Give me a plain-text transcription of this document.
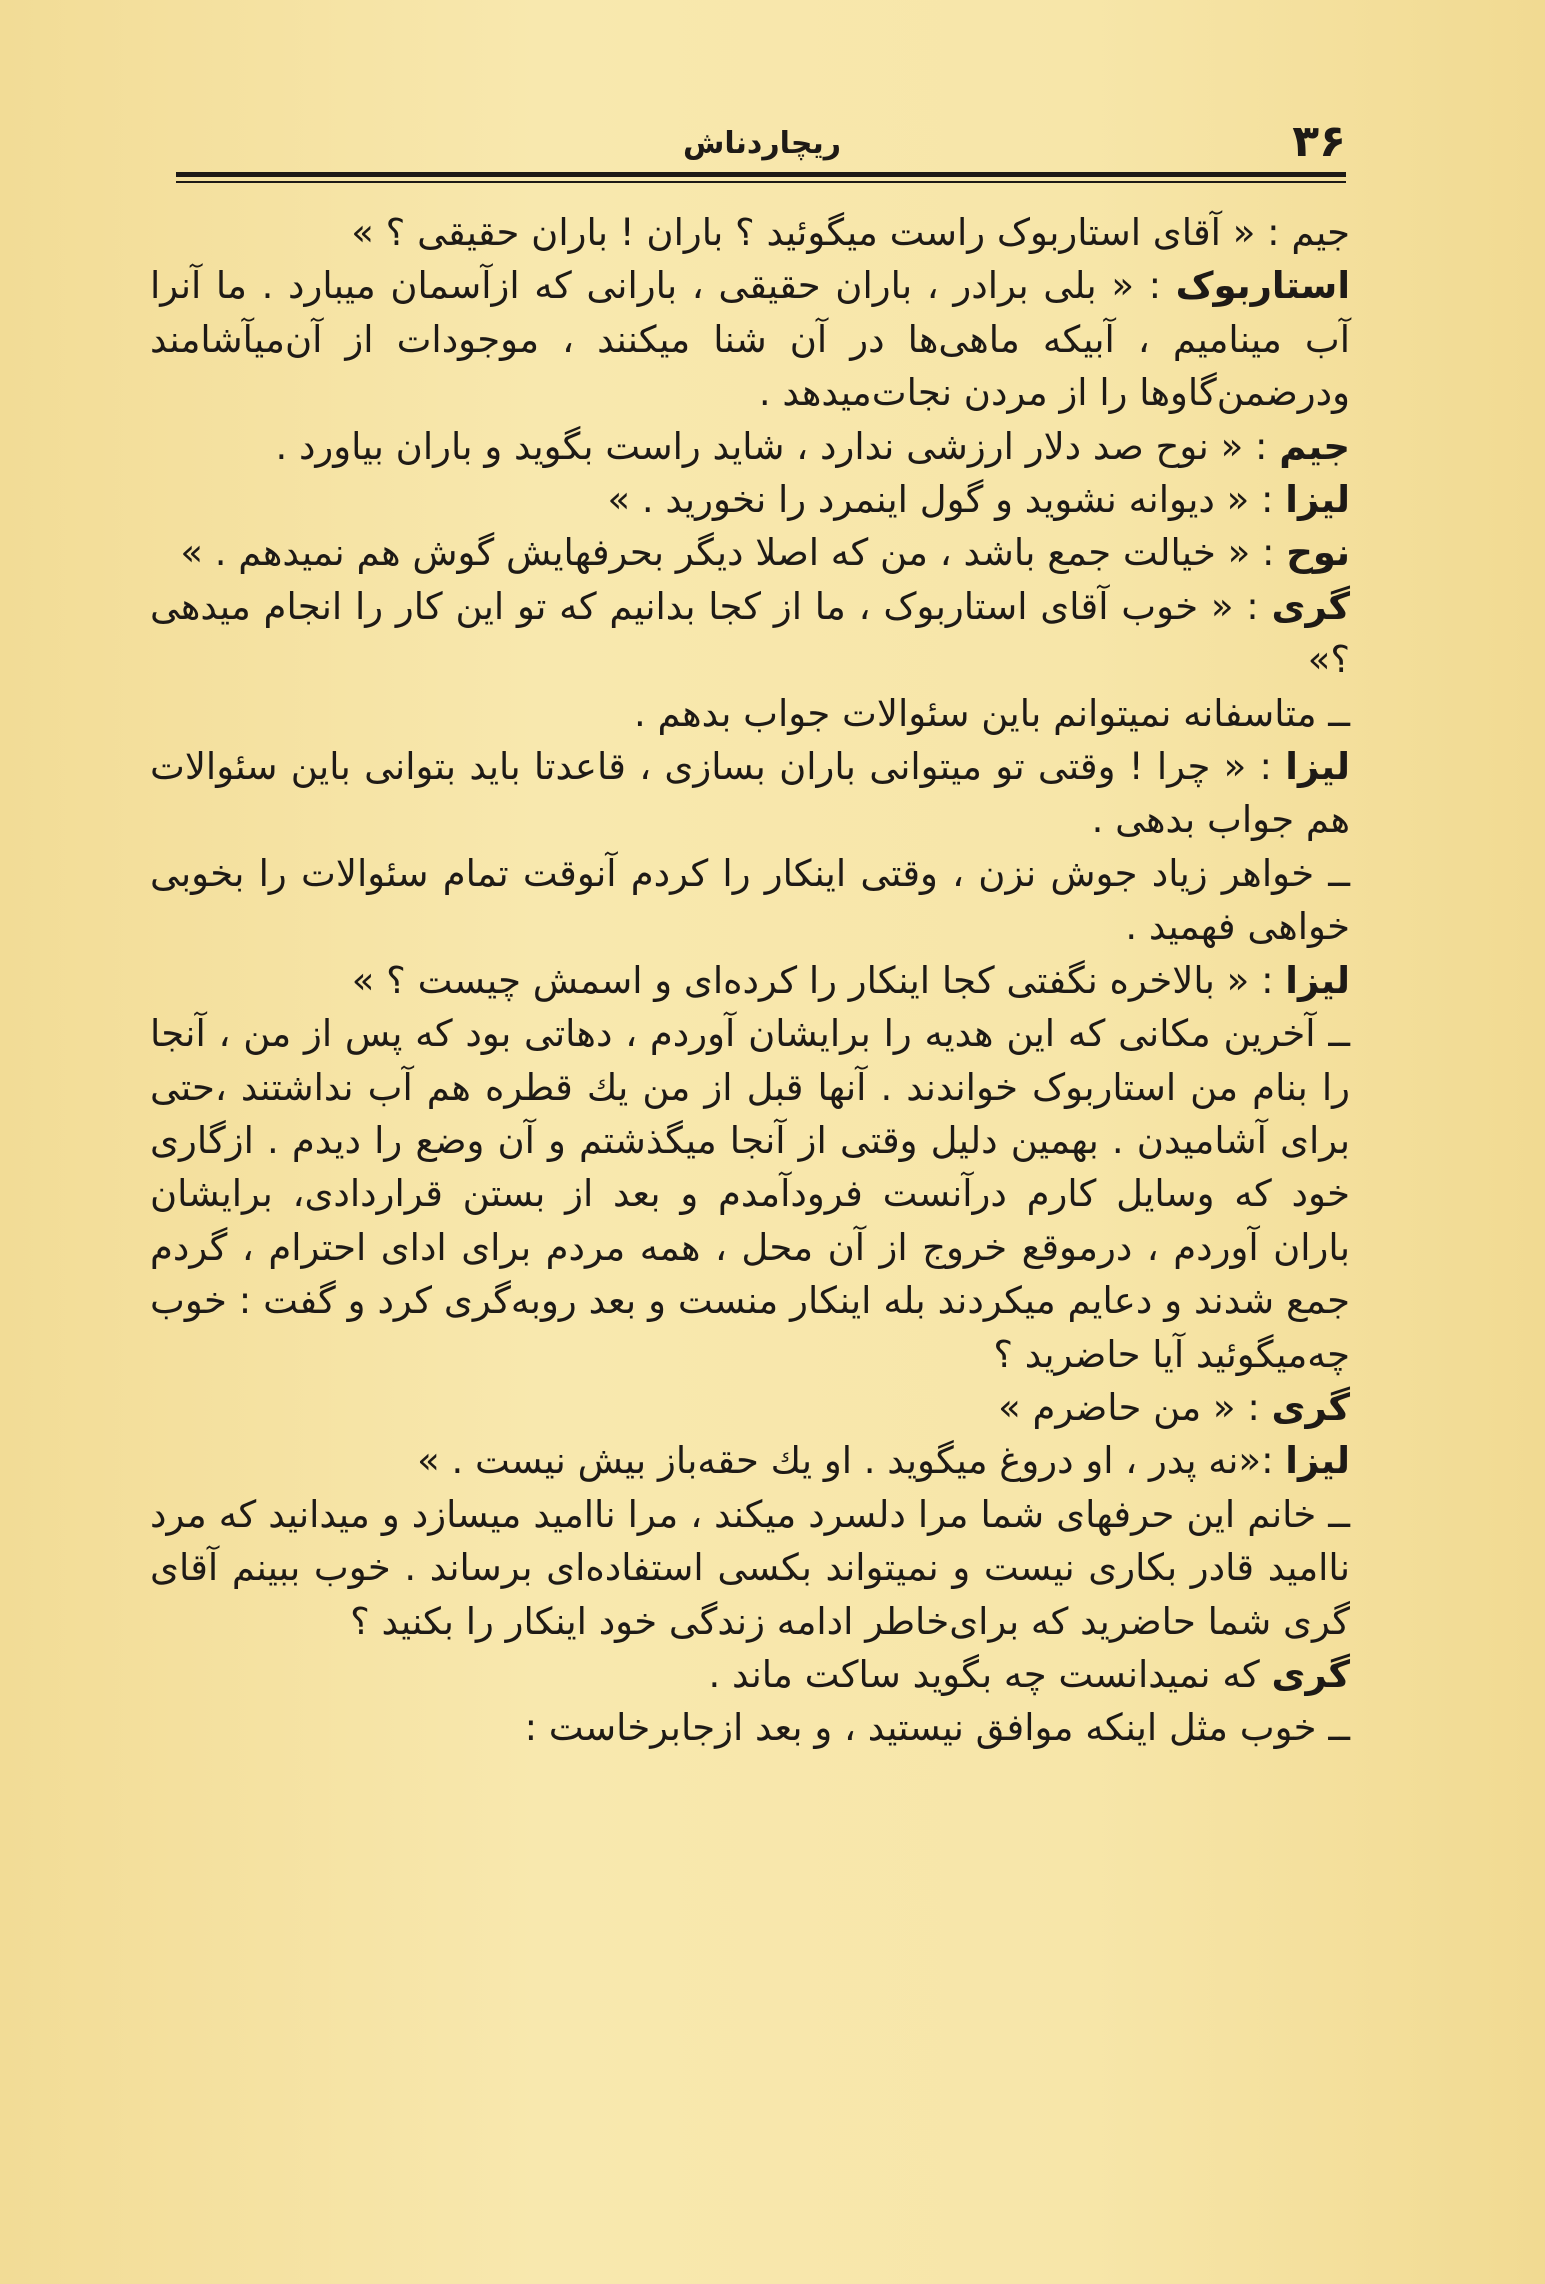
۳۶
ریچاردناش

جیم : « آقای استاربوک راست میگوئید ؟ باران ! باران حقیقی ؟ »

استاربوک : « بلی برادر ، باران حقیقی ، بارانی که ازآسمان میبارد . ما آنرا آب مینامیم ، آبیکه ماهی‌ها در آن شنا میکنند ، موجودات از آن‌میآشامند ودرضمن‌گاوها را از مردن نجات‌میدهد .

جیم : « نوح صد دلار ارزشی ندارد ، شاید راست بگوید و باران بیاورد .

لیزا : « دیوانه نشوید و گول اینمرد را نخورید . »

نوح : « خیالت جمع باشد ، من که اصلا دیگر بحرفهایش گوش هم نمیدهم . »

گری : « خوب آقای استاربوک ، ما از کجا بدانیم که تو این کار را انجام میدهی ؟»

ــ متاسفانه نمیتوانم باین سئوالات جواب بدهم .

لیزا : « چرا ! وقتی تو میتوانی باران بسازی ، قاعدتا باید بتوانی باین سئوالات هم جواب بدهی .

ــ خواهر زیاد جوش نزن ، وقتی اینکار را کردم آنوقت تمام سئوالات را بخوبی خواهی فهمید .

لیزا : « بالاخره نگفتی کجا اینکار را کرده‌ای و اسمش چیست ؟ »

ــ آخرین مکانی که این هدیه را برایشان آوردم ، دهاتی بود که پس از من ، آنجا را بنام من استاربوک خواندند . آنها قبل از من یك قطره هم آب نداشتند ،حتی برای آشامیدن . بهمین دلیل وقتی از آنجا میگذشتم و آن وضع را دیدم . ازگاری خود که وسایل کارم درآنست فرودآمدم و بعد از بستن قراردادی، برایشان باران آوردم ، درموقع خروج از آن محل ، همه مردم برای ادای احترام ، گردم جمع شدند و دعایم میکردند بله اینکار منست و بعد روبه‌گری کرد و گفت : خوب چه‌میگوئید آیا حاضرید ؟

گری : « من حاضرم »

لیزا :«نه پدر ، او دروغ میگوید . او یك حقه‌باز بیش نیست . »

ــ خانم این حرفهای شما مرا دلسرد میکند ، مرا ناامید میسازد و میدانید که مرد ناامید قادر بکاری نیست و نمیتواند بکسی استفاده‌ای برساند . خوب ببینم آقای گری شما حاضرید که برای‌خاطر ادامه زندگی خود اینکار را بکنید ؟

گری که نمیدانست چه بگوید ساکت ماند .

ــ خوب مثل اینکه موافق نیستید ، و بعد ازجابرخاست :
